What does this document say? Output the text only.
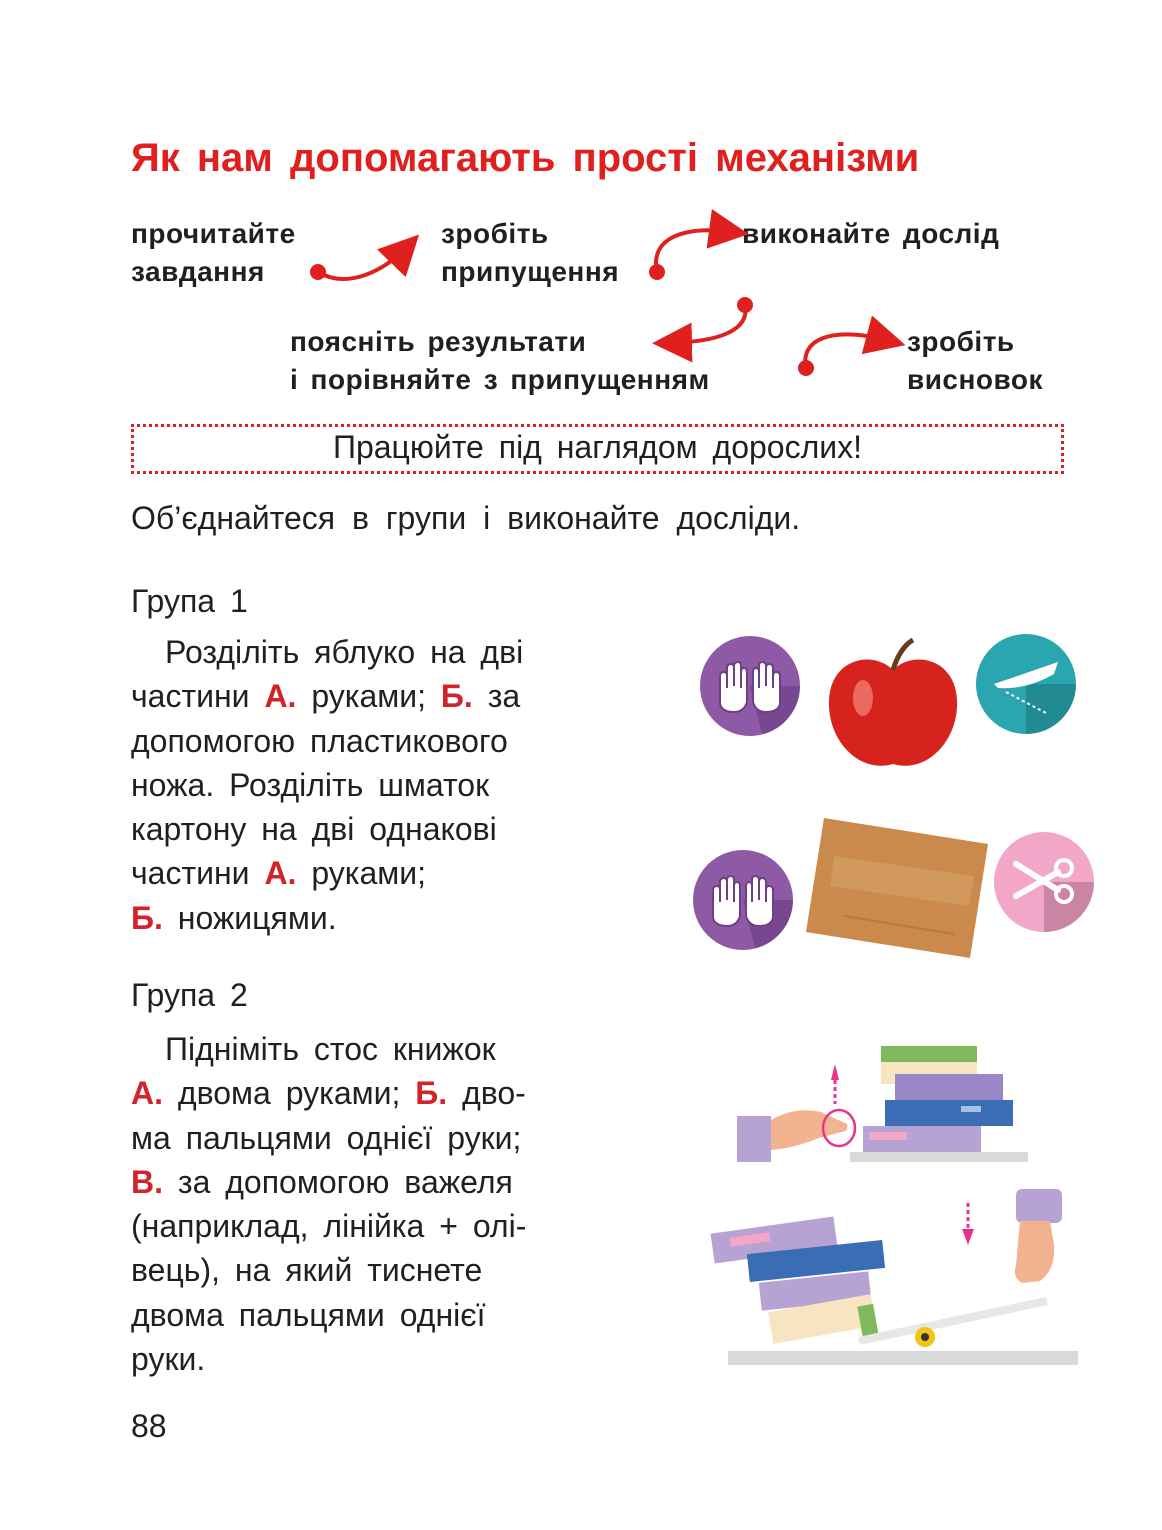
Як нам допомагають прості механізми
прочитайте
завдання
зробіть
припущення
виконайте дослід
поясніть результати
і порівняйте з припущенням
зробіть
висновок
Працюйте під наглядом дорослих!
Об’єднайтеся в групи і виконайте досліди.
Група 1
Розділіть яблуко на дві
частини А. руками; Б. за
допомогою пластикового
ножа. Розділіть шматок
картону на дві однакові
частини А. руками;
Б. ножицями.
Група 2
Підніміть стос книжок
А. двома руками; Б. дво-
ма пальцями однієї руки;
В. за допомогою важеля
(наприклад, лінійка + олі-
вець), на який тиснете
двома пальцями однієї
руки.
88
